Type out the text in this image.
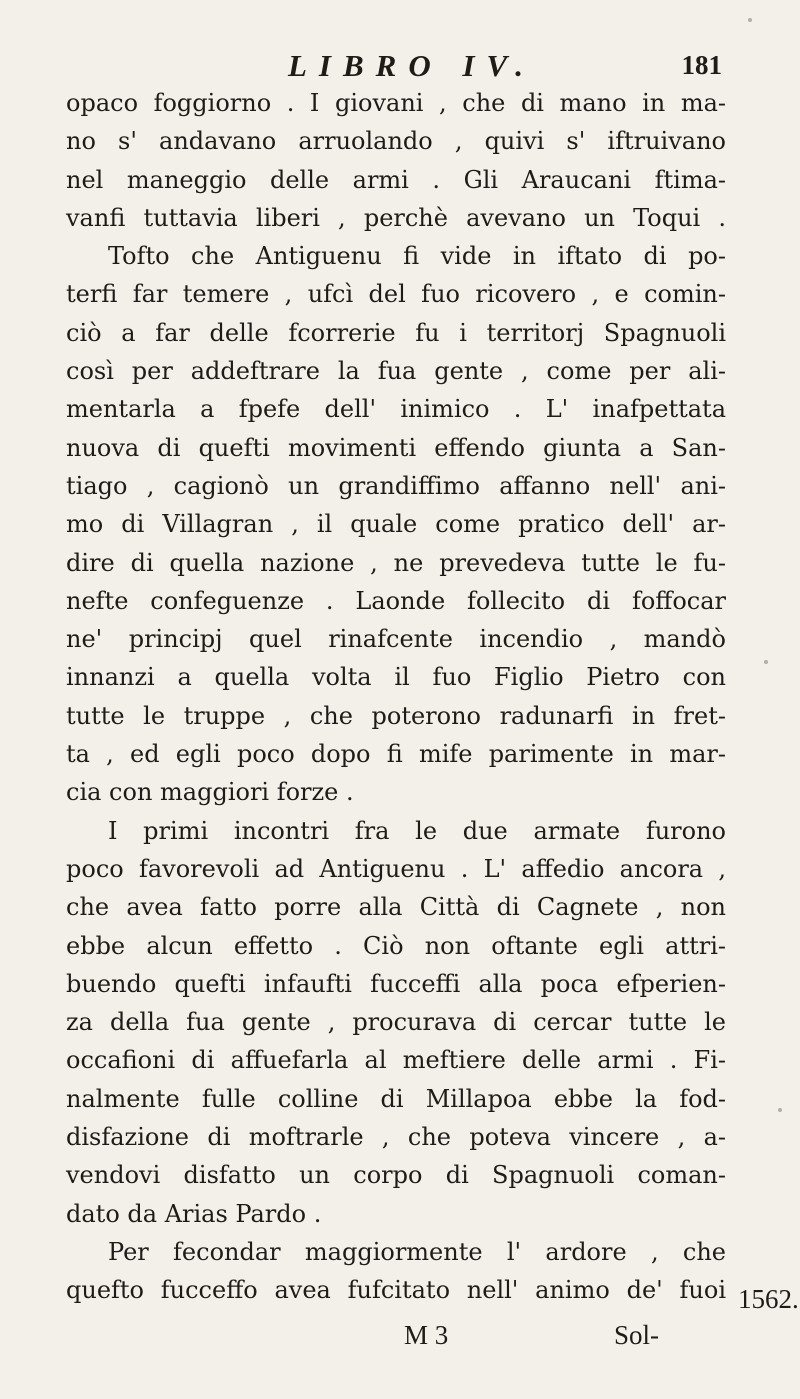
LIBRO IV.	181
opaco foggiorno . I giovani , che di mano in ma-
no s' andavano arruolando , quivi s' iftruivano
nel maneggio delle armi . Gli Araucani ftima-
vanfi tuttavia liberi , perchè avevano un Toqui .
Tofto che Antiguenu fi vide in iftato di po-
terfi far temere , ufcì del fuo ricovero , e comin-
ciò a far delle fcorrerie fu i territorj Spagnuoli
così per addeftrare la fua gente , come per ali-
mentarla a fpefe dell' inimico . L' inafpettata
nuova di quefti movimenti effendo giunta a San-
tiago , cagionò un grandiffimo affanno nell' ani-
mo di Villagran , il quale come pratico dell' ar-
dire di quella nazione , ne prevedeva tutte le fu-
nefte confeguenze . Laonde follecito di foffocar
ne' principj quel rinafcente incendio , mandò
innanzi a quella volta il fuo Figlio Pietro con
tutte le truppe , che poterono radunarfi in fret-
ta , ed egli poco dopo fi mife parimente in mar-
cia con maggiori forze .
I primi incontri fra le due armate furono
poco favorevoli ad Antiguenu . L' affedio ancora ,
che avea fatto porre alla Città di Cagnete , non
ebbe alcun effetto . Ciò non oftante egli attri-
buendo quefti infaufti fucceffi alla poca efperien-
za della fua gente , procurava di cercar tutte le
occafioni di affuefarla al meftiere delle armi . Fi-
nalmente fulle colline di Millapoa ebbe la fod-
disfazione di moftrarle , che poteva vincere , a-
vendovi disfatto un corpo di Spagnuoli coman-
dato da Arias Pardo .
Per fecondar maggiormente l' ardore , che
quefto fucceffo avea fufcitato nell' animo de' fuoi 1562.
M 3	Sol-
